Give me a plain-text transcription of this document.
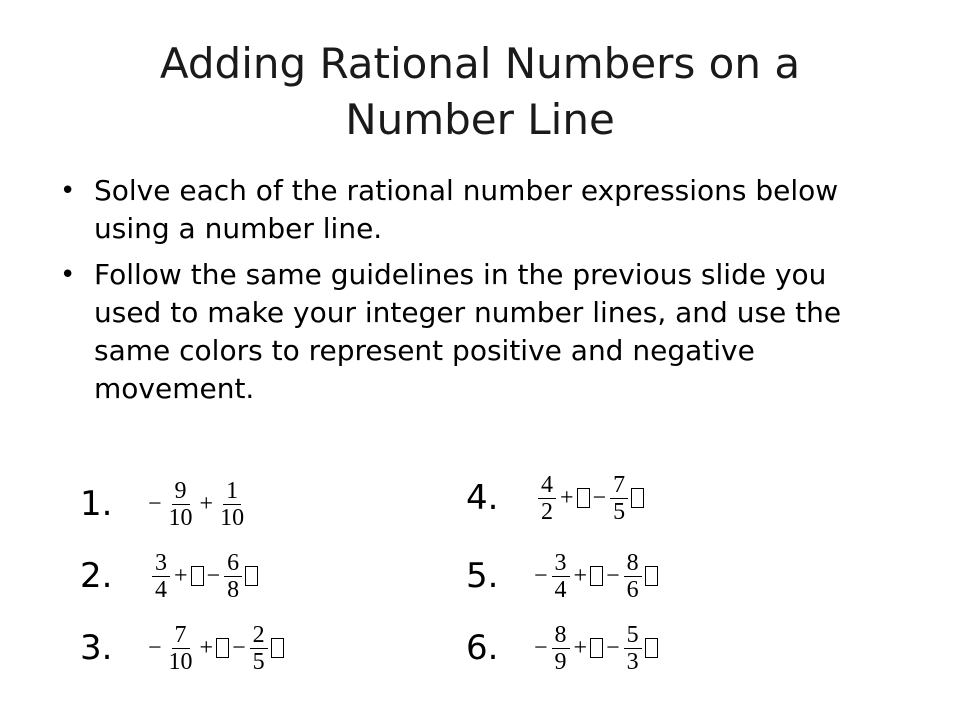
Adding Rational Numbers on a
Number Line
• Solve each of the rational number expressions below using a number line.
• Follow the same guidelines in the previous slide you used to make your integer number lines, and use the same colors to represent positive and negative movement.
1.	− $\frac{9}{10} + \frac{1}{10}$
2.	$\frac{3}{4}$ + − $\frac{6}{8}$
3.	− $\frac{7}{10}$ + − $\frac{2}{5}$
4.	$\frac{4}{2}$ + − $\frac{7}{5}$
5.	− $\frac{3}{4}$ + − $\frac{8}{6}$
6.	− $\frac{8}{9}$ + − $\frac{5}{3}$
